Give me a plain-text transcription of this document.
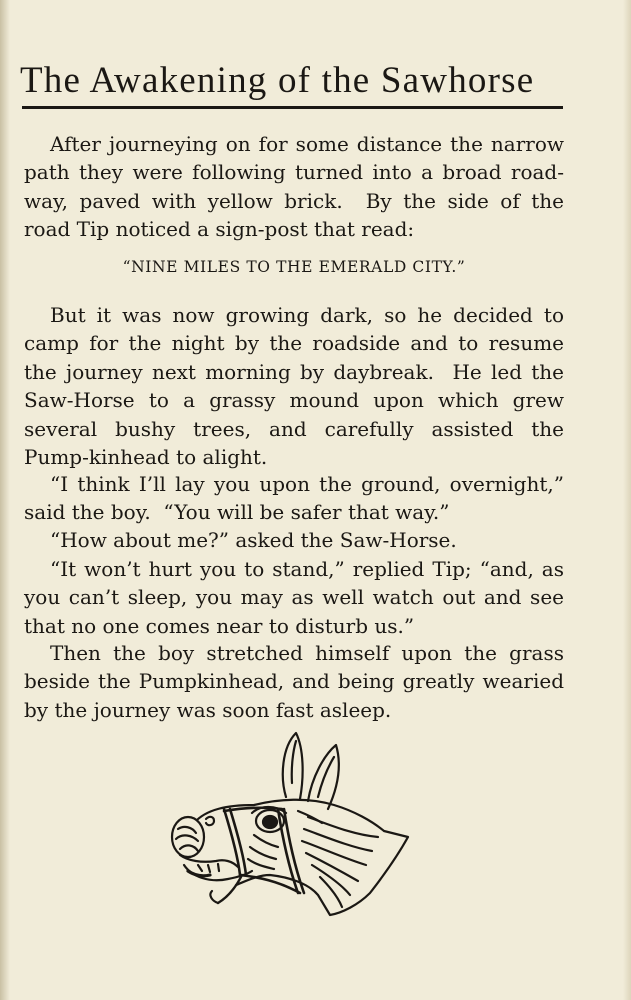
The Awakening of the Sawhorse

After journeying on for some distance the narrow path they were following turned into a broad road-way, paved with yellow brick.  By the side of the road Tip noticed a sign-post that read:

“NINE MILES TO THE EMERALD CITY.”

But it was now growing dark, so he decided to camp for the night by the roadside and to resume the journey next morning by daybreak.  He led the Saw-Horse to a grassy mound upon which grew several bushy trees, and carefully assisted the Pump-kinhead to alight.

“I think I’ll lay you upon the ground, overnight,” said the boy.  “You will be safer that way.”

“How about me?” asked the Saw-Horse.

“It won’t hurt you to stand,” replied Tip; “and, as you can’t sleep, you may as well watch out and see that no one comes near to disturb us.”

Then the boy stretched himself upon the grass beside the Pumpkinhead, and being greatly wearied by the journey was soon fast asleep.
